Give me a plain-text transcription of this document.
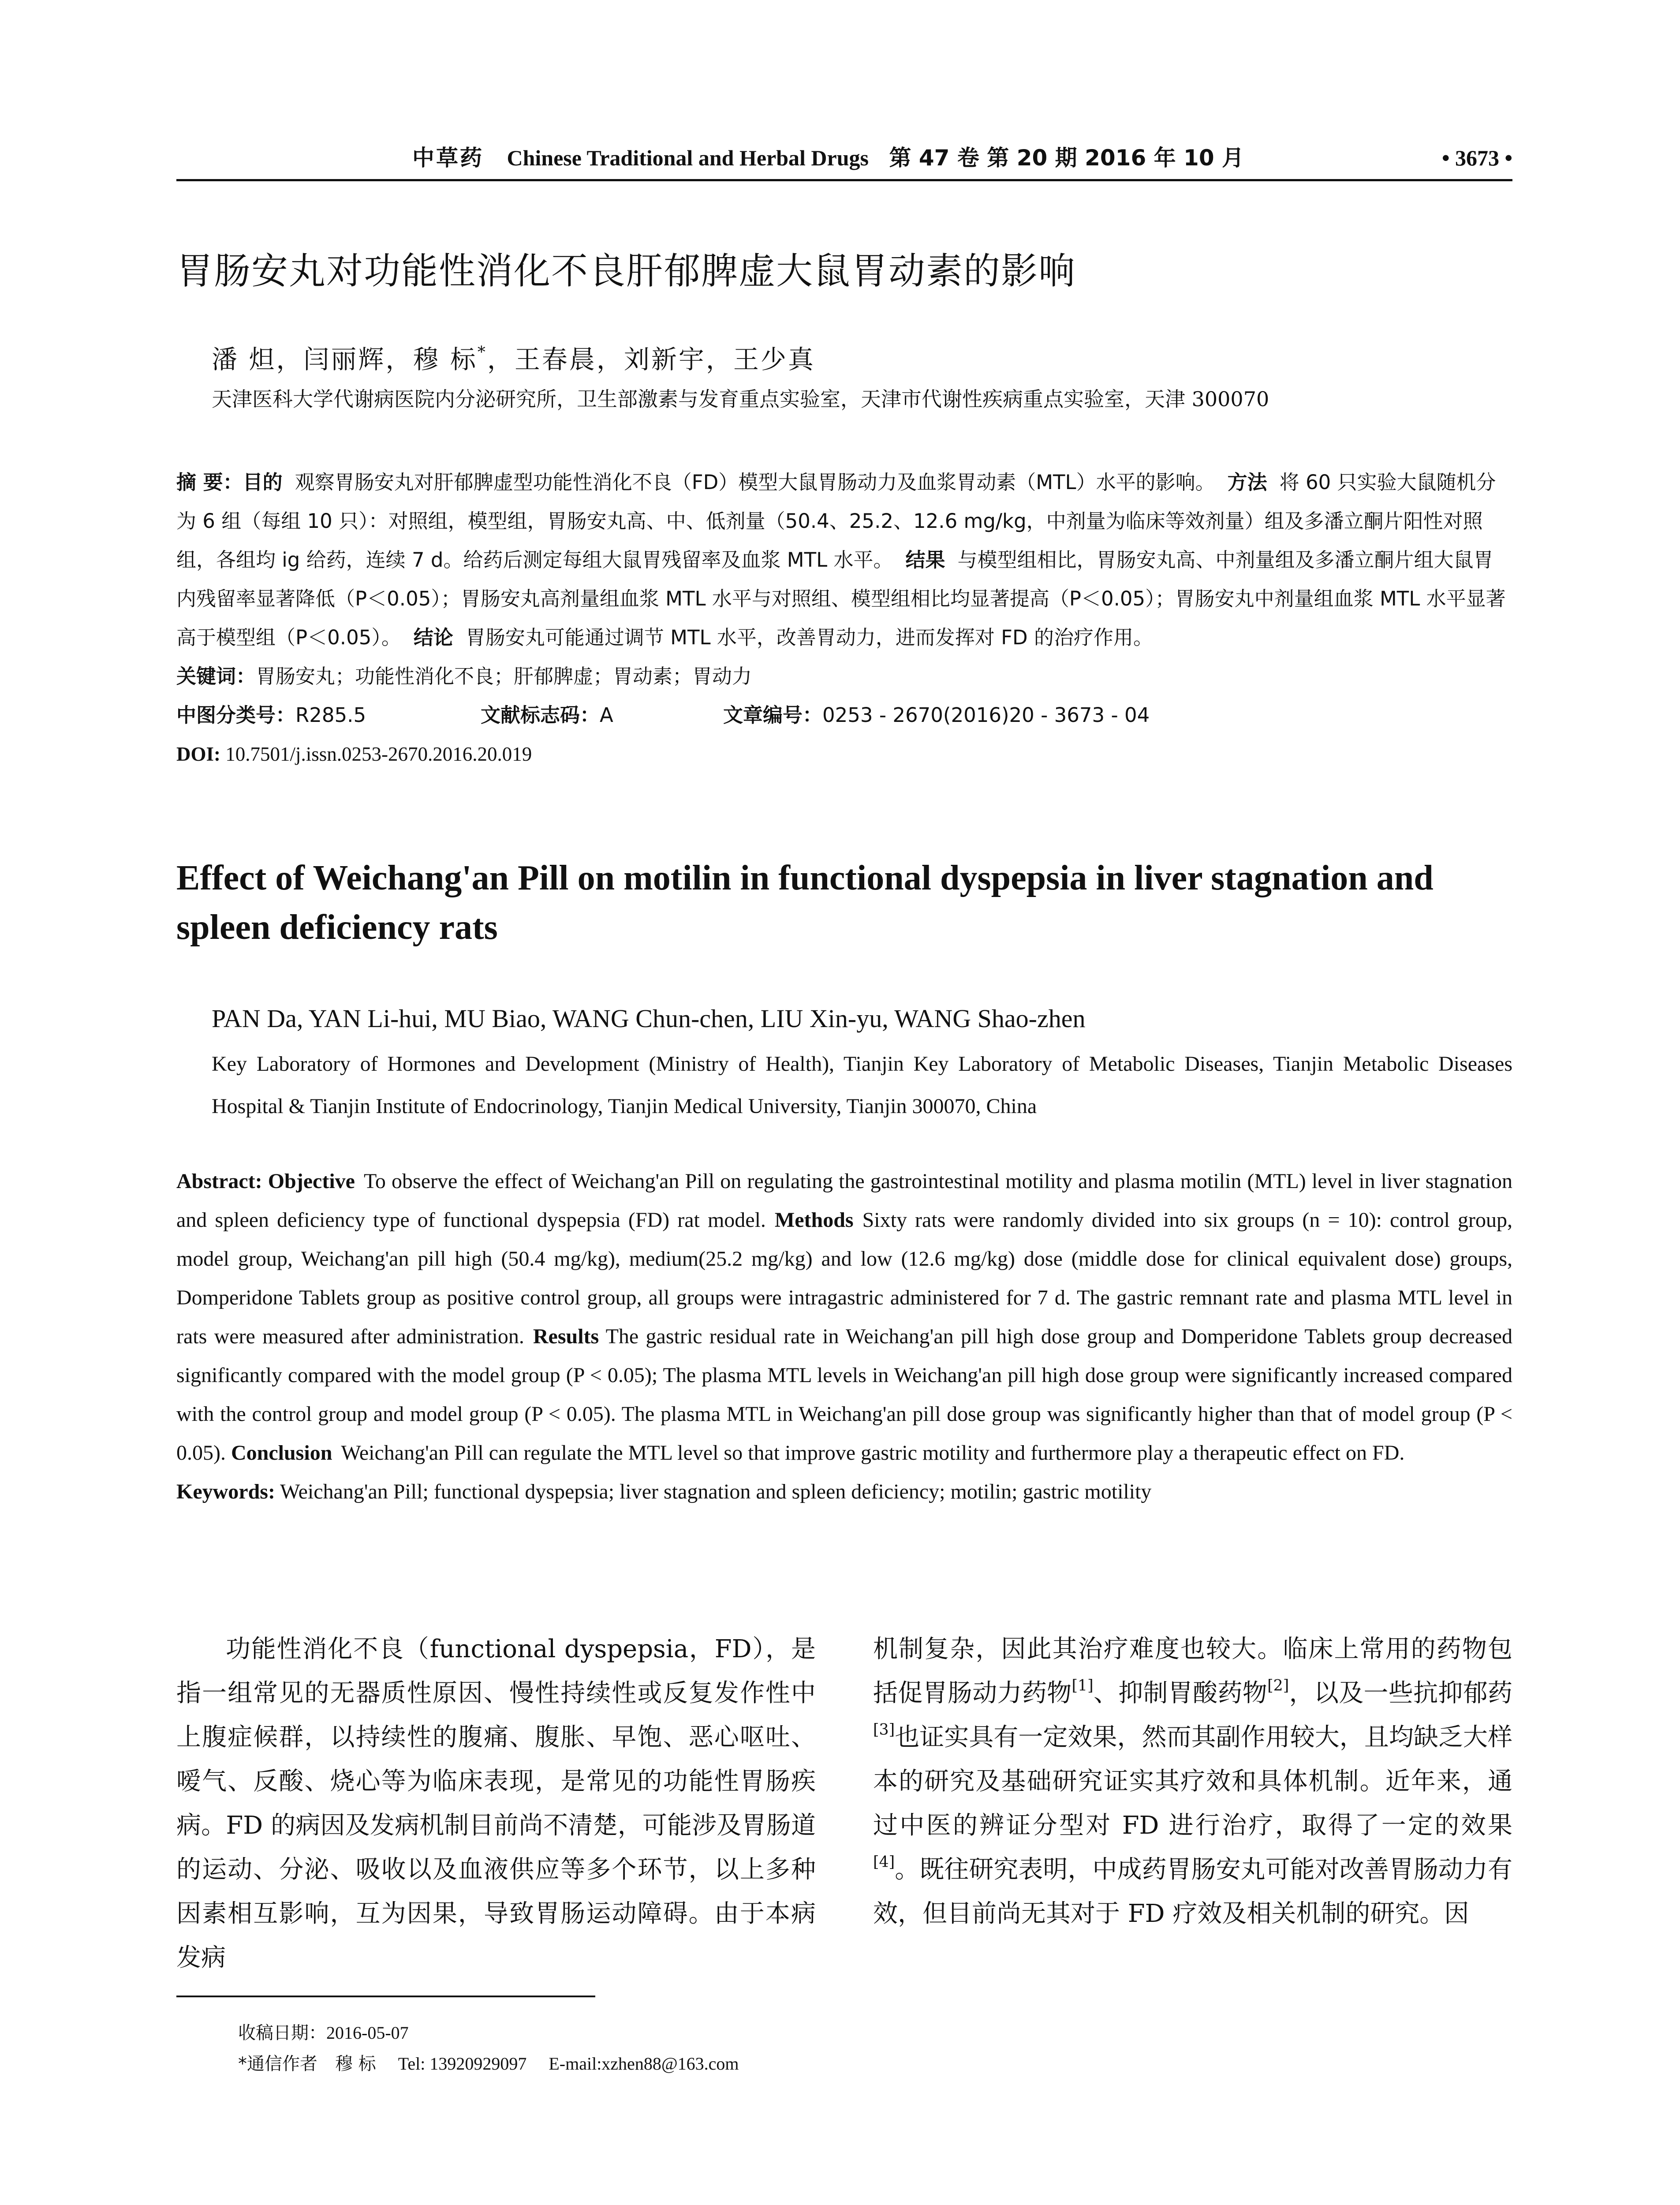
中草药 Chinese Traditional and Herbal Drugs 第 47 卷 第 20 期 2016 年 10 月	• 3673 •
胃肠安丸对功能性消化不良肝郁脾虚大鼠胃动素的影响
潘 炟，闫丽辉，穆 标*，王春晨，刘新宇，王少真
天津医科大学代谢病医院内分泌研究所，卫生部激素与发育重点实验室，天津市代谢性疾病重点实验室，天津 300070

摘 要：目的 观察胃肠安丸对肝郁脾虚型功能性消化不良（FD）模型大鼠胃肠动力及血浆胃动素（MTL）水平的影响。 方法 将 60 只实验大鼠随机分为 6 组（每组 10 只）：对照组，模型组，胃肠安丸高、中、低剂量（50.4、25.2、12.6 mg/kg，中剂量为临床等效剂量）组及多潘立酮片阳性对照组，各组均 ig 给药，连续 7 d。给药后测定每组大鼠胃残留率及血浆 MTL 水平。 结果 与模型组相比，胃肠安丸高、中剂量组及多潘立酮片组大鼠胃内残留率显著降低（P＜0.05）；胃肠安丸高剂量组血浆 MTL 水平与对照组、模型组相比均显著提高（P＜0.05）；胃肠安丸中剂量组血浆 MTL 水平显著高于模型组（P＜0.05）。 结论 胃肠安丸可能通过调节 MTL 水平，改善胃动力，进而发挥对 FD 的治疗作用。

关键词：胃肠安丸；功能性消化不良；肝郁脾虚；胃动素；胃动力

中图分类号：R285.5	文献标志码：A	文章编号：0253 - 2670(2016)20 - 3673 - 04
DOI: 10.7501/j.issn.0253-2670.2016.20.019
Effect of Weichang'an Pill on motilin in functional dyspepsia in liver stagnation and spleen deficiency rats
PAN Da, YAN Li-hui, MU Biao, WANG Chun-chen, LIU Xin-yu, WANG Shao-zhen
Key Laboratory of Hormones and Development (Ministry of Health), Tianjin Key Laboratory of Metabolic Diseases, Tianjin Metabolic Diseases Hospital & Tianjin Institute of Endocrinology, Tianjin Medical University, Tianjin 300070, China

Abstract: Objective To observe the effect of Weichang'an Pill on regulating the gastrointestinal motility and plasma motilin (MTL) level in liver stagnation and spleen deficiency type of functional dyspepsia (FD) rat model. Methods Sixty rats were randomly divided into six groups (n = 10): control group, model group, Weichang'an pill high (50.4 mg/kg), medium(25.2 mg/kg) and low (12.6 mg/kg) dose (middle dose for clinical equivalent dose) groups, Domperidone Tablets group as positive control group, all groups were intragastric administered for 7 d. The gastric remnant rate and plasma MTL level in rats were measured after administration. Results The gastric residual rate in Weichang'an pill high dose group and Domperidone Tablets group decreased significantly compared with the model group (P < 0.05); The plasma MTL levels in Weichang'an pill high dose group were significantly increased compared with the control group and model group (P < 0.05). The plasma MTL in Weichang'an pill dose group was significantly higher than that of model group (P < 0.05). Conclusion Weichang'an Pill can regulate the MTL level so that improve gastric motility and furthermore play a therapeutic effect on FD.

Keywords: Weichang'an Pill; functional dyspepsia; liver stagnation and spleen deficiency; motilin; gastric motility

功能性消化不良（functional dyspepsia，FD），是指一组常见的无器质性原因、慢性持续性或反复发作性中上腹症候群，以持续性的腹痛、腹胀、早饱、恶心呕吐、嗳气、反酸、烧心等为临床表现，是常见的功能性胃肠疾病。FD 的病因及发病机制目前尚不清楚，可能涉及胃肠道的运动、分泌、吸收以及血液供应等多个环节，以上多种因素相互影响，互为因果，导致胃肠运动障碍。由于本病发病

机制复杂，因此其治疗难度也较大。临床上常用的药物包括促胃肠动力药物[1]、抑制胃酸药物[2]，以及一些抗抑郁药[3]也证实具有一定效果，然而其副作用较大，且均缺乏大样本的研究及基础研究证实其疗效和具体机制。近年来，通过中医的辨证分型对 FD 进行治疗，取得了一定的效果[4]。既往研究表明，中成药胃肠安丸可能对改善胃肠动力有效，但目前尚无其对于 FD 疗效及相关机制的研究。因

收稿日期：2016-05-07
*通信作者 穆 标 Tel: 13920929097 E-mail:xzhen88@163.com
